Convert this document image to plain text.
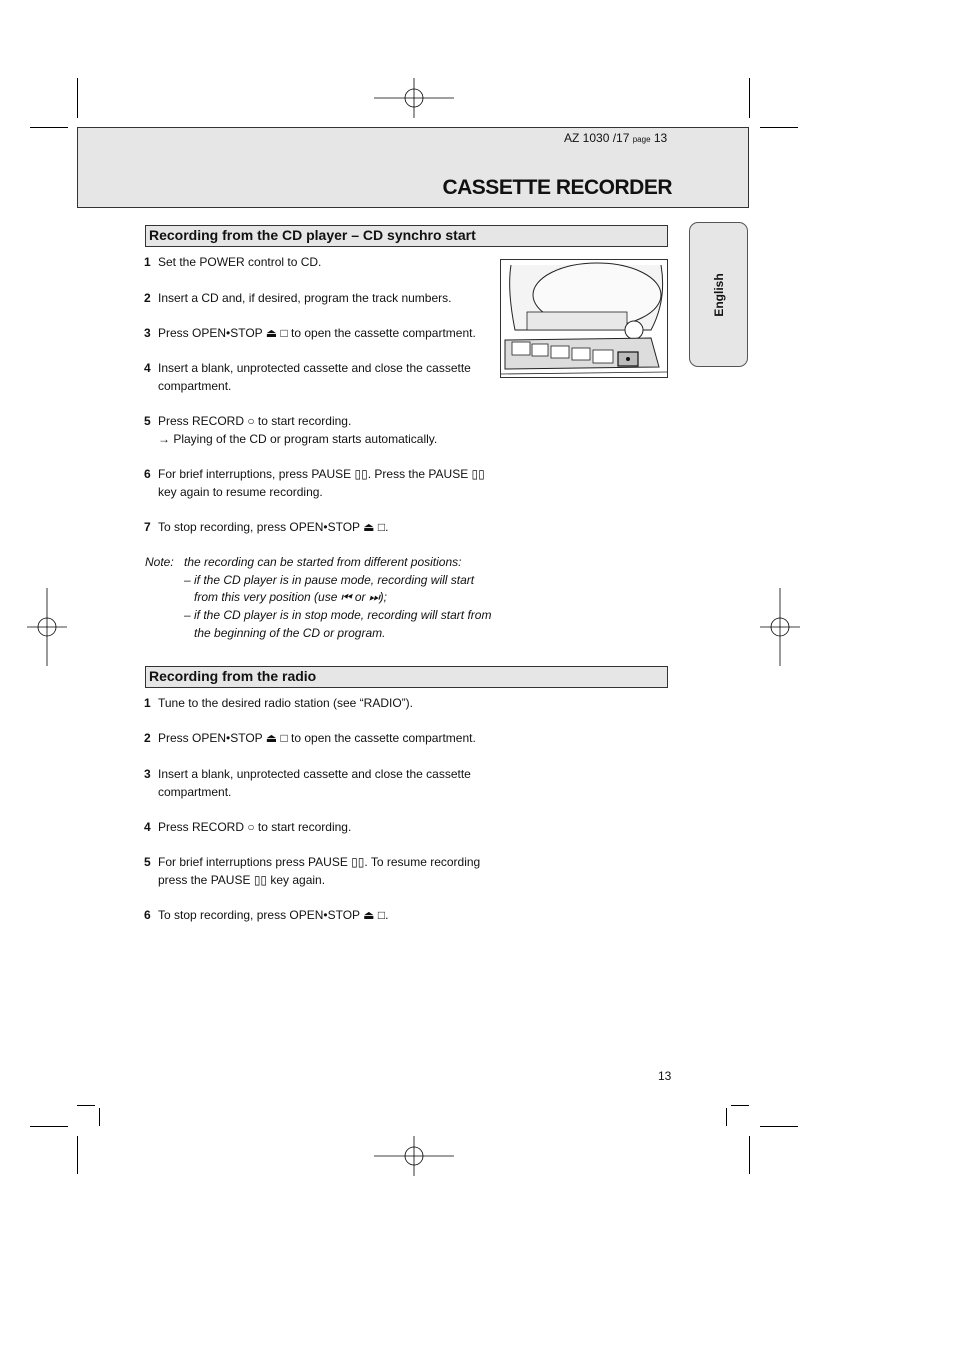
AZ 1030 /17 page 13
CASSETTE RECORDER
English
Recording from the CD player – CD synchro start
1 Set the POWER control to CD.
2 Insert a CD and, if desired, program the track numbers.
3 Press OPEN•STOP ⏏ □ to open the cassette compartment.
4 Insert a blank, unprotected cassette and close the cassette compartment.
5 Press RECORD ○ to start recording.
→ Playing of the CD or program starts automatically.
6 For brief interruptions, press PAUSE ▯▯. Press the PAUSE ▯▯ key again to resume recording.
7 To stop recording, press OPEN•STOP ⏏ □.
Note: the recording can be started from different positions:
– if the CD player is in pause mode, recording will start
from this very position (use ⏮ or ⏭);
– if the CD player is in stop mode, recording will start from
the beginning of the CD or program.
Recording from the radio
1 Tune to the desired radio station (see “RADIO”).
2 Press OPEN•STOP ⏏ □ to open the cassette compartment.
3 Insert a blank, unprotected cassette and close the cassette compartment.
4 Press RECORD ○ to start recording.
5 For brief interruptions press PAUSE ▯▯. To resume recording press the PAUSE ▯▯ key again.
6 To stop recording, press OPEN•STOP ⏏ □.
13
